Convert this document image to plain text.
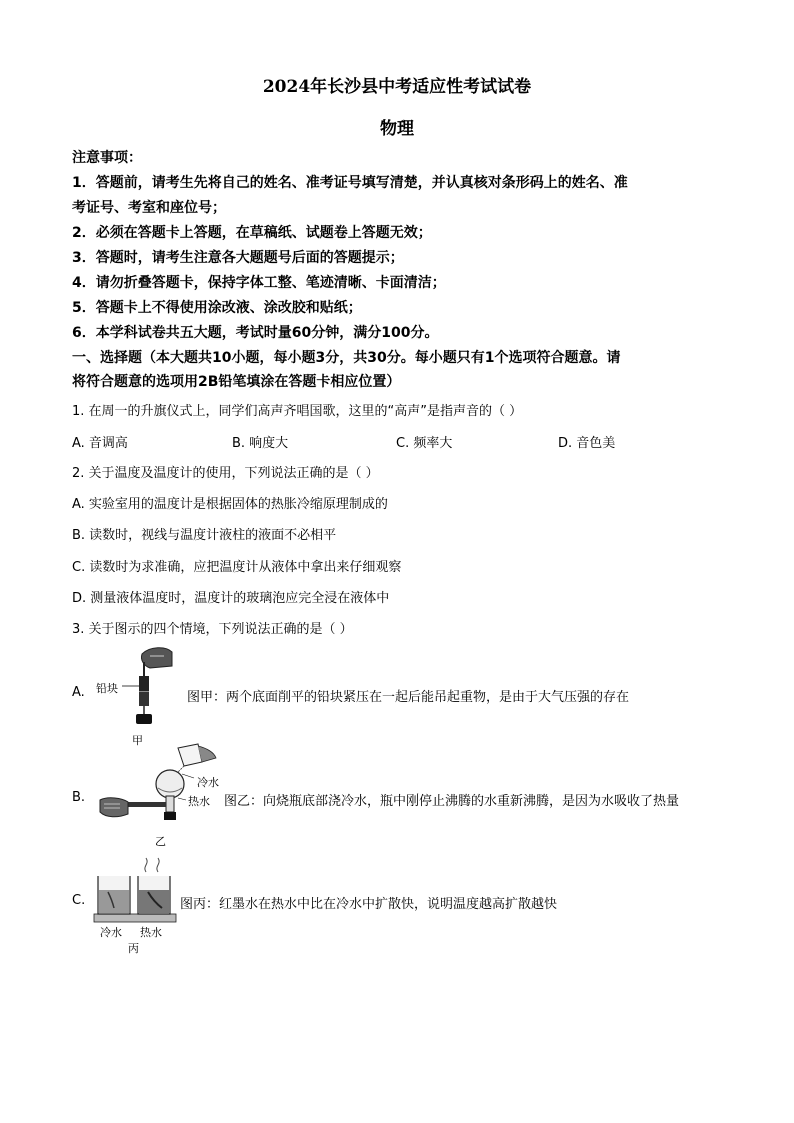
2024年长沙县中考适应性考试试卷
物理
注意事项：
1．答题前，请考生先将自己的姓名、准考证号填写清楚，并认真核对条形码上的姓名、准
考证号、考室和座位号；
2．必须在答题卡上答题，在草稿纸、试题卷上答题无效；
3．答题时，请考生注意各大题题号后面的答题提示；
4．请勿折叠答题卡，保持字体工整、笔迹清晰、卡面清洁；
5．答题卡上不得使用涂改液、涂改胶和贴纸；
6．本学科试卷共五大题，考试时量60分钟，满分100分。
一、选择题（本大题共10小题，每小题3分，共30分。每小题只有1个选项符合题意。请
将符合题意的选项用2B铅笔填涂在答题卡相应位置）
1. 在周一的升旗仪式上，同学们高声齐唱国歌，这里的“高声”是指声音的（ ）
A. 音调高	B. 响度大	C. 频率大	D. 音色美
2. 关于温度及温度计的使用，下列说法正确的是（ ）
A. 实验室用的温度计是根据固体的热胀冷缩原理制成的
B. 读数时，视线与温度计液柱的液面不必相平
C. 读数时为求准确，应把温度计从液体中拿出来仔细观察
D. 测量液体温度时，温度计的玻璃泡应完全浸在液体中
3. 关于图示的四个情境，下列说法正确的是（ ）
A. 铅块
甲
图甲：两个底面削平的铅块紧压在一起后能吊起重物，是由于大气压强的存在
B.
冷水
热水
乙
图乙：向烧瓶底部浇冷水，瓶中刚停止沸腾的水重新沸腾，是因为水吸收了热量
C.
冷水 热水
丙
图丙：红墨水在热水中比在冷水中扩散快，说明温度越高扩散越快
